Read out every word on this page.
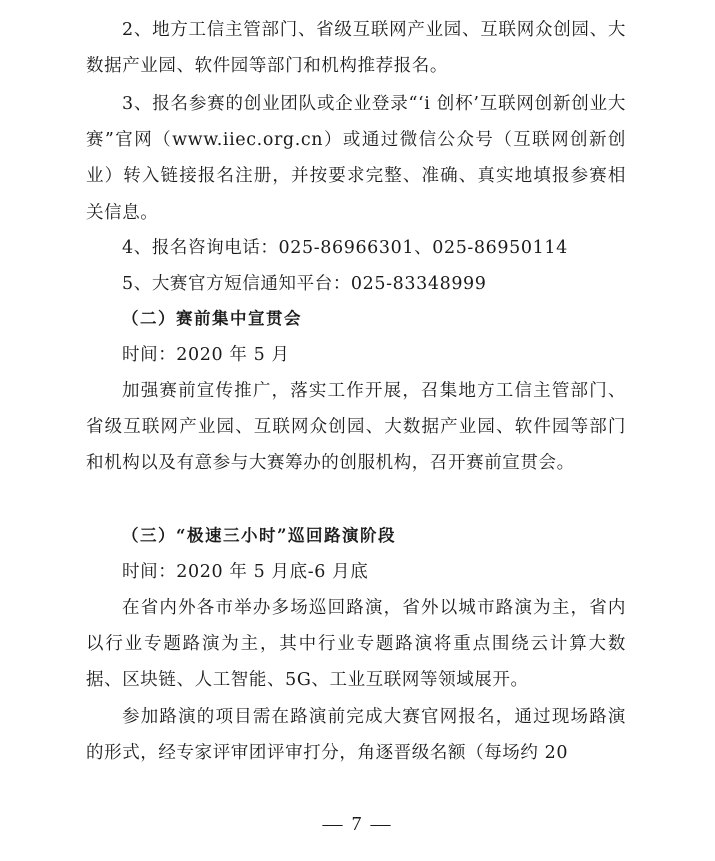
2、地方工信主管部门、省级互联网产业园、互联网众创园、大数据产业园、软件园等部门和机构推荐报名。
3、报名参赛的创业团队或企业登录“‘i 创杯’互联网创新创业大赛”官网（www.iiec.org.cn）或通过微信公众号（互联网创新创业）转入链接报名注册，并按要求完整、准确、真实地填报参赛相关信息。
4、报名咨询电话：025-86966301、025-86950114
5、大赛官方短信通知平台：025-83348999
（二）赛前集中宣贯会
时间：2020 年 5 月
加强赛前宣传推广，落实工作开展，召集地方工信主管部门、省级互联网产业园、互联网众创园、大数据产业园、软件园等部门和机构以及有意参与大赛筹办的创服机构，召开赛前宣贯会。
（三）“极速三小时”巡回路演阶段
时间：2020 年 5 月底-6 月底
在省内外各市举办多场巡回路演，省外以城市路演为主，省内以行业专题路演为主，其中行业专题路演将重点围绕云计算大数据、区块链、人工智能、5G、工业互联网等领域展开。
参加路演的项目需在路演前完成大赛官网报名，通过现场路演的形式，经专家评审团评审打分，角逐晋级名额（每场约 20
— 7 —
